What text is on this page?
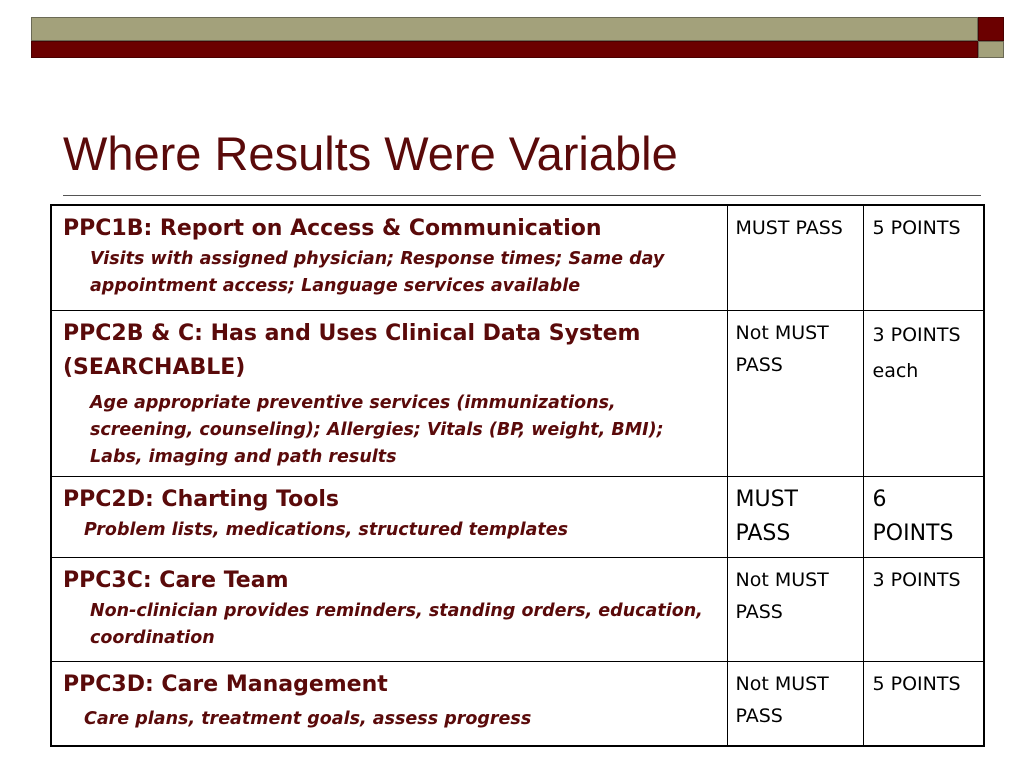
Where Results Were Variable
PPC1B: Report on Access & Communication
Visits with assigned physician; Response times; Same day appointment access; Language services available	MUST PASS	5 POINTS

PPC2B & C: Has and Uses Clinical Data System (SEARCHABLE)
Age appropriate preventive services (immunizations, screening, counseling); Allergies; Vitals (BP, weight, BMI); Labs, imaging and path results	Not MUST PASS	3 POINTS each

PPC2D: Charting Tools
Problem lists, medications, structured templates	MUST PASS	6 POINTS

PPC3C: Care Team
Non-clinician provides reminders, standing orders, education, coordination	Not MUST PASS	3 POINTS

PPC3D: Care Management
Care plans, treatment goals, assess progress	Not MUST PASS	5 POINTS
